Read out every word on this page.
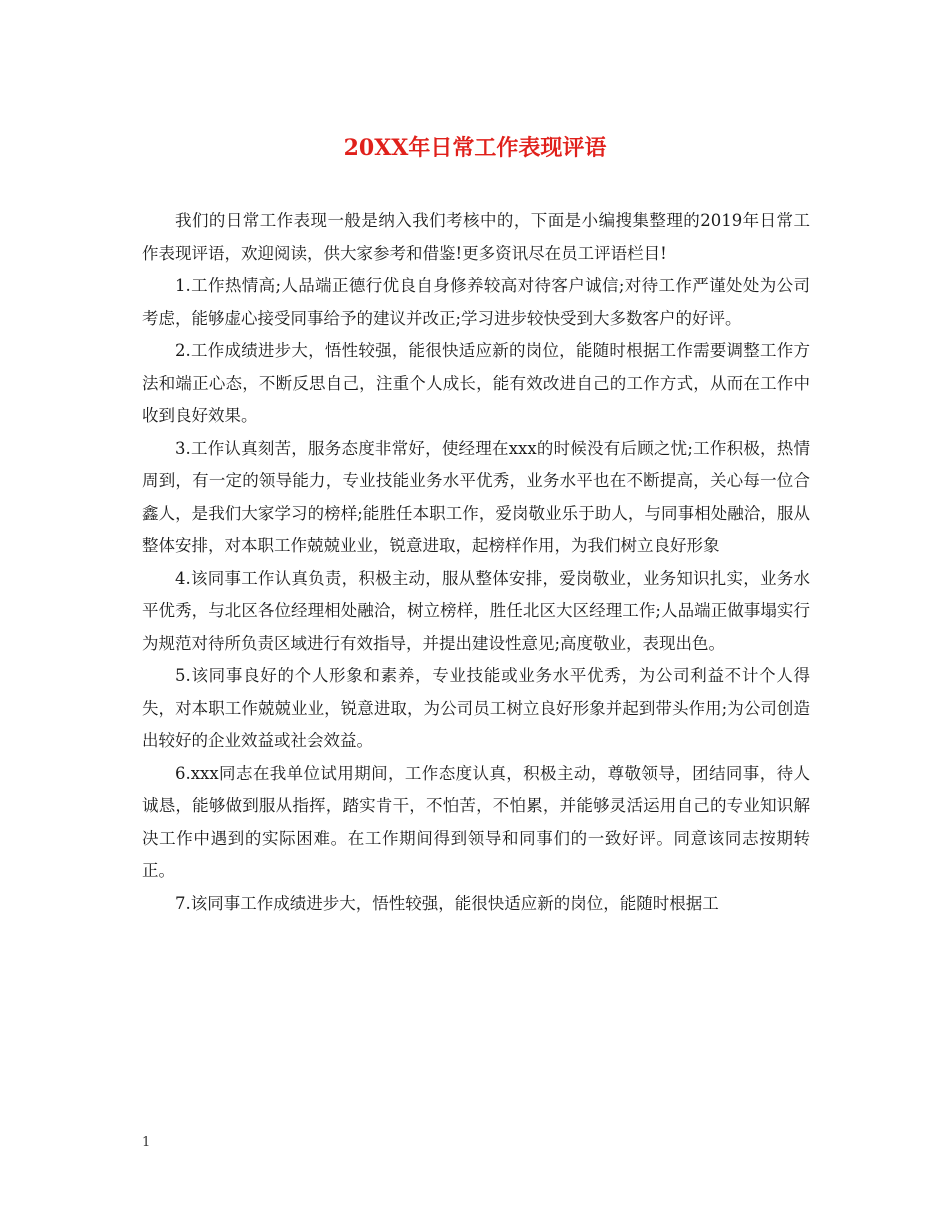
20XX年日常工作表现评语

我们的日常工作表现一般是纳入我们考核中的，下面是小编搜集整理的2019年日常工作表现评语，欢迎阅读，供大家参考和借鉴!更多资讯尽在员工评语栏目!

1.工作热情高;人品端正德行优良自身修养较高对待客户诚信;对待工作严谨处处为公司考虑，能够虚心接受同事给予的建议并改正;学习进步较快受到大多数客户的好评。

2.工作成绩进步大，悟性较强，能很快适应新的岗位，能随时根据工作需要调整工作方法和端正心态，不断反思自己，注重个人成长，能有效改进自己的工作方式，从而在工作中收到良好效果。

3.工作认真刻苦，服务态度非常好，使经理在xxx的时候没有后顾之忧;工作积极，热情周到，有一定的领导能力，专业技能业务水平优秀，业务水平也在不断提高，关心每一位合鑫人，是我们大家学习的榜样;能胜任本职工作，爱岗敬业乐于助人，与同事相处融洽，服从整体安排，对本职工作兢兢业业，锐意进取，起榜样作用，为我们树立良好形象

4.该同事工作认真负责，积极主动，服从整体安排，爱岗敬业，业务知识扎实，业务水平优秀，与北区各位经理相处融洽，树立榜样，胜任北区大区经理工作;人品端正做事塌实行为规范对待所负责区域进行有效指导，并提出建设性意见;高度敬业，表现出色。

5.该同事良好的个人形象和素养，专业技能或业务水平优秀，为公司利益不计个人得失，对本职工作兢兢业业，锐意进取，为公司员工树立良好形象并起到带头作用;为公司创造出较好的企业效益或社会效益。

6.xxx同志在我单位试用期间，工作态度认真，积极主动，尊敬领导，团结同事，待人诚恳，能够做到服从指挥，踏实肯干，不怕苦，不怕累，并能够灵活运用自己的专业知识解决工作中遇到的实际困难。在工作期间得到领导和同事们的一致好评。同意该同志按期转正。

7.该同事工作成绩进步大，悟性较强，能很快适应新的岗位，能随时根据工

1
